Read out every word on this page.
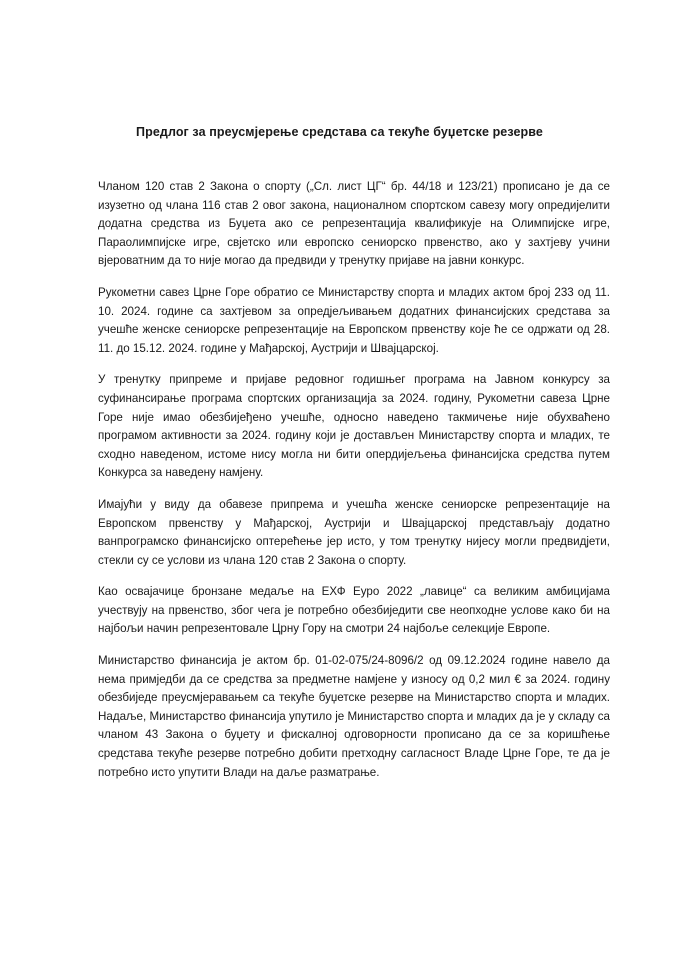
Предлог за преусмјерење средстава са текуће буџетске резерве

Чланом 120 став 2 Закона о спорту („Сл. лист ЦГ“ бр. 44/18 и 123/21) прописано је да се изузетно од члана 116 став 2 овог закона, националном спортском савезу могу опредијелити додатна средства из Буџета ако се репрезентација квалификује на Олимпијске игре, Параолимпијске игре, свјетско или европско сениорско првенство, ако у захтјеву учини вјероватним да то није могао да предвиди у тренутку пријаве на јавни конкурс.

Рукометни савез Црне Горе обратио се Министарству спорта и младих актом број 233 од 11. 10. 2024. године са захтјевом за опредјељивањем додатних финансијских средстава за учешће женске сениорске репрезентације на Европском првенству које ће се одржати од 28. 11. до 15.12. 2024. године у Мађарској, Аустрији и Швајцарској.

У тренутку припреме и пријаве редовног годишњег програма на Јавном конкурсу за суфинансирање програма спортских организација за 2024. годину, Рукометни савеза Црне Горе није имао обезбијеђено учешће, односно наведено такмичење није обухваћено програмом активности за 2024. годину који је достављен Министарству спорта и младих, те сходно наведеном, истоме нису могла ни бити опердијељења финансијска средства путем Конкурса за наведену намјену.

Имајући у виду да обавезе припрема и учешћа женске сениорске репрезентације на Европском првенству у Мађарској, Аустрији и Швајцарској представљају додатно ванпрограмско финансијско оптерећење јер исто, у том тренутку нијесу могли предвидјети, стекли су се услови из члана 120 став 2 Закона о спорту.

Као освајачице бронзане медаље на ЕХФ Еуро 2022 „лавице“ са великим амбицијама учествују на првенство, због чега је потребно обезбиједити све неопходне услове како би на најбољи начин репрезентовале Црну Гору на смотри 24 најбоље селекције Европе.

Министарство финансија је актом бр. 01-02-075/24-8096/2 од 09.12.2024 године навело да нема примједби да се средства за предметне намјене у износу од 0,2 мил € за 2024. годину обезбиједе преусмјеравањем са текуће буџетске резерве на Министарство спорта и младих. Надаље, Министарство финансија упутило је Министарство спорта и младих да је у складу са чланом 43 Закона о буџету и фискалној одговорности прописано да се за коришћење средстава текуће резерве потребно добити претходну сагласност Владе Црне Горе, те да је потребно исто упутити Влади на даље разматрање.
